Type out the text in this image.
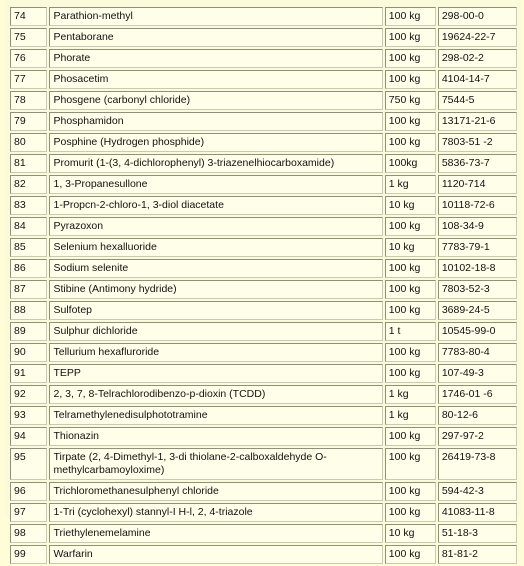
74	Parathion-methyl	100 kg	298-00-0
75	Pentaborane	100 kg	19624-22-7
76	Phorate	100 kg	298-02-2
77	Phosacetim	100 kg	4104-14-7
78	Phosgene (carbonyl chloride)	750 kg	7544-5
79	Phosphamidon	100 kg	13171-21-6
80	Posphine (Hydrogen phosphide)	100 kg	7803-51 -2
81	Promurit (1-(3, 4-dichlorophenyl) 3-triazenelhiocarboxamide)	100kg	5836-73-7
82	1, 3-Propanesullone	1 kg	1120-714
83	1-Propcn-2-chloro-1, 3-diol diacetate	10 kg	10118-72-6
84	Pyrazoxon	100 kg	108-34-9
85	Selenium hexalluoride	10 kg	7783-79-1
86	Sodium selenite	100 kg	10102-18-8
87	Stibine (Antimony hydride)	100 kg	7803-52-3
88	Sulfotep	100 kg	3689-24-5
89	Sulphur dichloride	1 t	10545-99-0
90	Tellurium hexafluroride	100 kg	7783-80-4
91	TEPP	100 kg	107-49-3
92	2, 3, 7, 8-Telrachlorodibenzo-p-dioxin (TCDD)	1 kg	1746-01 -6
93	Telramethylenedisulphototramine	1 kg	80-12-6
94	Thionazin	100 kg	297-97-2
95	Tirpate (2, 4-Dimethyl-1, 3-di thiolane-2-calboxaldehyde O-methylcarbamoyloxime)	100 kg	26419-73-8
96	Trichloromethanesulphenyl chloride	100 kg	594-42-3
97	1-Tri (cyclohexyl) stannyl-I H-l, 2, 4-triazole	100 kg	41083-11-8
98	Triethylenemelamine	10 kg	51-18-3
99	Warfarin	100 kg	81-81-2
